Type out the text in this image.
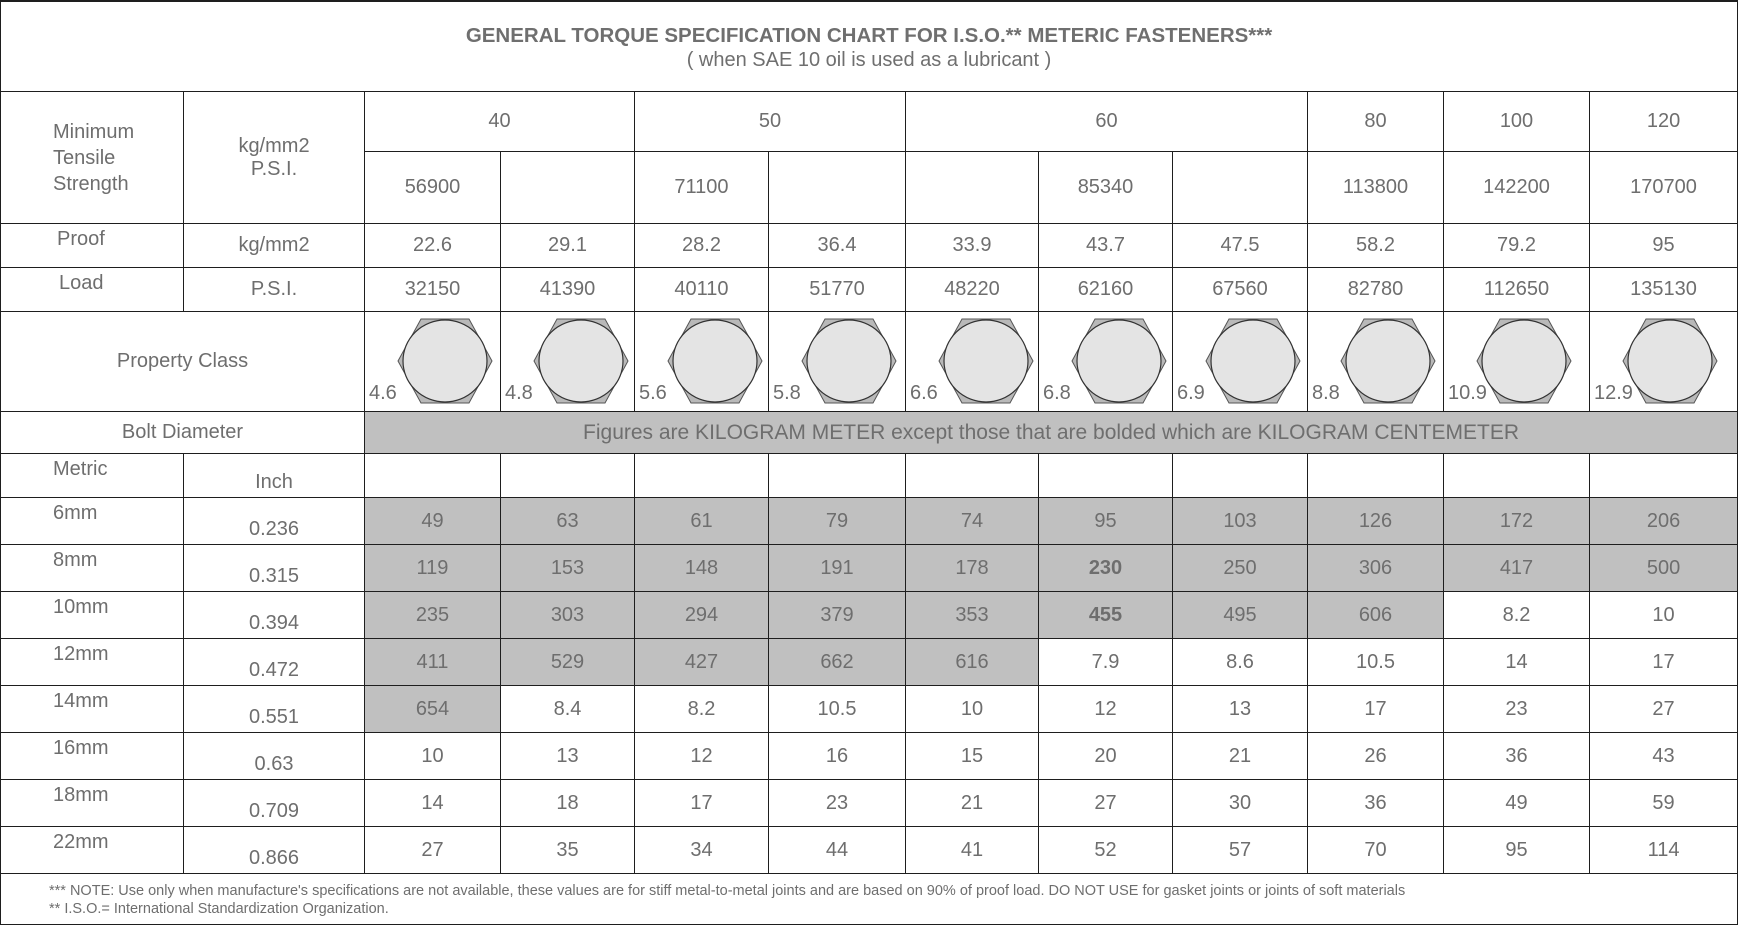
GENERAL TORQUE SPECIFICATION CHART FOR I.S.O.** METERIC FASTENERS***
( when SAE 10 oil is used as a lubricant )											

Minimum
Tensile
Strength

kg/mm2
P.S.I.
	40	50	60	80	100	120
		56900		71100			85340		113800	142200	170700
Proof	kg/mm2	22.6	29.1	28.2	36.4	33.9	43.7	47.5	58.2	79.2	95
Load	P.S.I.	32150	41390	40110	51770	48220	62160	67560	82780	112650	135130
Property Class		4.6	4.8	5.6	5.8	6.6	6.8	6.9	8.8	10.9	12.9

Bolt Diameter		Figures are KILOGRAM METER except those that are bolded which are KILOGRAM CENTEMETER									
Metric	Inch										
6mm	0.236	49	63	61	79	74	95	103	126	172	206
8mm	0.315	119	153	148	191	178	230	250	306	417	500
10mm	0.394	235	303	294	379	353	455	495	606	8.2	10
12mm	0.472	411	529	427	662	616	7.9	8.6	10.5	14	17
14mm	0.551	654	8.4	8.2	10.5	10	12	13	17	23	27
16mm	0.63	10	13	12	16	15	20	21	26	36	43
18mm	0.709	14	18	17	23	21	27	30	36	49	59
22mm	0.866	27	35	34	44	41	52	57	70	95	114

*** NOTE: Use only when manufacture's specifications are not available, these values are for stiff metal-to-metal joints and are based on 90% of proof load. DO NOT USE for gasket joints or joints of soft materials
** I.S.O.= International Standardization Organization.											
